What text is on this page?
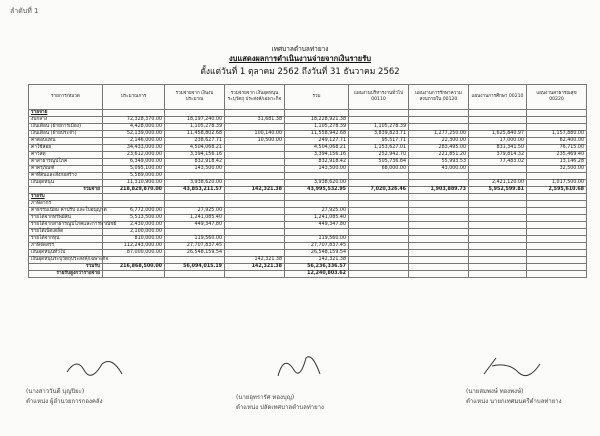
ลำดับที่ 1
เทศบาลตำบลท่ายาง
งบแสดงผลการดำเนินงานจ่ายจากเงินรายรับ
ตั้งแต่วันที่ 1 ตุลาคม 2562 ถึงวันที่ 31 ธันวาคม 2562
รายการ/หมวด	ประมาณการ	รวมจ่ายจาก เงินงบประมาณ	รวมจ่ายจาก เงินอุดหนุนระบุวัตถุ ประสงค์/เฉพาะกิจ	รวม	แผนงานบริหารงานทั่วไป 00110	แผนงานการรักษาความ สงบภายใน 00120	แผนงานการศึกษา 00210	แผนงานสาธารณสุข 00220
รายจ่าย								
งบกลาง	72,328,370.00	18,197,240.00	31,681.38	18,228,921.38				
เงินเดือน (ฝ่ายการเมือง)	4,428,000.00	1,105,278.39		1,105,278.39	1,105,278.39			
เงินเดือน (ฝ่ายประจำ)	52,139,000.00	11,458,802.68	100,140.00	11,558,942.68	3,839,823.71	1,277,250.00	1,625,840.97	1,157,880.00
ค่าตอบแทน	2,146,000.00	238,627.71	10,500.00	249,127.71	95,517.71	22,300.00	17,000.00	62,400.00
ค่าใช้สอย	34,433,000.00	4,504,068.21		4,504,068.21	1,153,627.01	283,495.00	831,341.50	76,715.00
ค่าวัสดุ	23,612,000.00	3,394,156.16		3,394,156.16	252,942.70	221,851.20	379,814.32	235,469.40
ค่าสาธารณูปโภค	6,349,000.00	832,918.42		832,918.42	505,736.84	55,993.53	77,483.02	13,146.28
ค่าครุภัณฑ์	5,095,100.00	143,500.00		143,500.00	68,000.00	43,000.00		32,500.00
ค่าที่ดินและสิ่งก่อสร้าง	5,589,000.00							
เงินอุดหนุน	11,310,900.00	3,938,620.00		3,938,620.00			2,421,120.00	1,017,500.00
รวมจ่าย	218,829,870.00	43,853,211.57	142,321.38	43,995,532.95	7,020,326.46	1,903,889.73	5,952,599.81	2,595,610.68
รายรับ								
ภาษีอากร								
ค่าธรรมเนียม ค่าปรับ และใบอนุญาต	6,772,000.00	27,925.00		27,925.00				
รายได้จากทรัพย์สิน	5,513,500.00	1,241,085.40		1,241,085.40				
รายได้จากสาธารณูปโภคและการพาณิชย์	2,430,000.00	449,347.80		449,347.80				
รายได้เบ็ดเตล็ด	2,100,000.00							
รายได้จากทุน	810,000.00	119,560.00		119,560.00				
ภาษีจัดสรร	112,243,000.00	27,707,837.45		27,707,837.45				
เงินอุดหนุนทั่วไป	87,000,000.00	26,548,159.54		26,548,159.54				
เงินอุดหนุนระบุวัตถุประสงค์/เฉพาะกิจ			142,321.38	142,321.38				
รวมรับ	216,868,500.00	56,094,015.19	142,321.38	56,236,336.57				
รายรับสูงกว่ารายจ่าย				12,240,803.62				
(นางสาววันดี บุญปิยะ)
ตำแหน่ง ผู้อำนวยการกองคลัง
(นายอุทรารัศ ทองบุญ)
ตำแหน่ง ปลัดเทศบาลตำบลท่ายาง
(นายสมพงษ์ ทองพงษ์)
ตำแหน่ง นายกเทศมนตรีตำบลท่ายาง
